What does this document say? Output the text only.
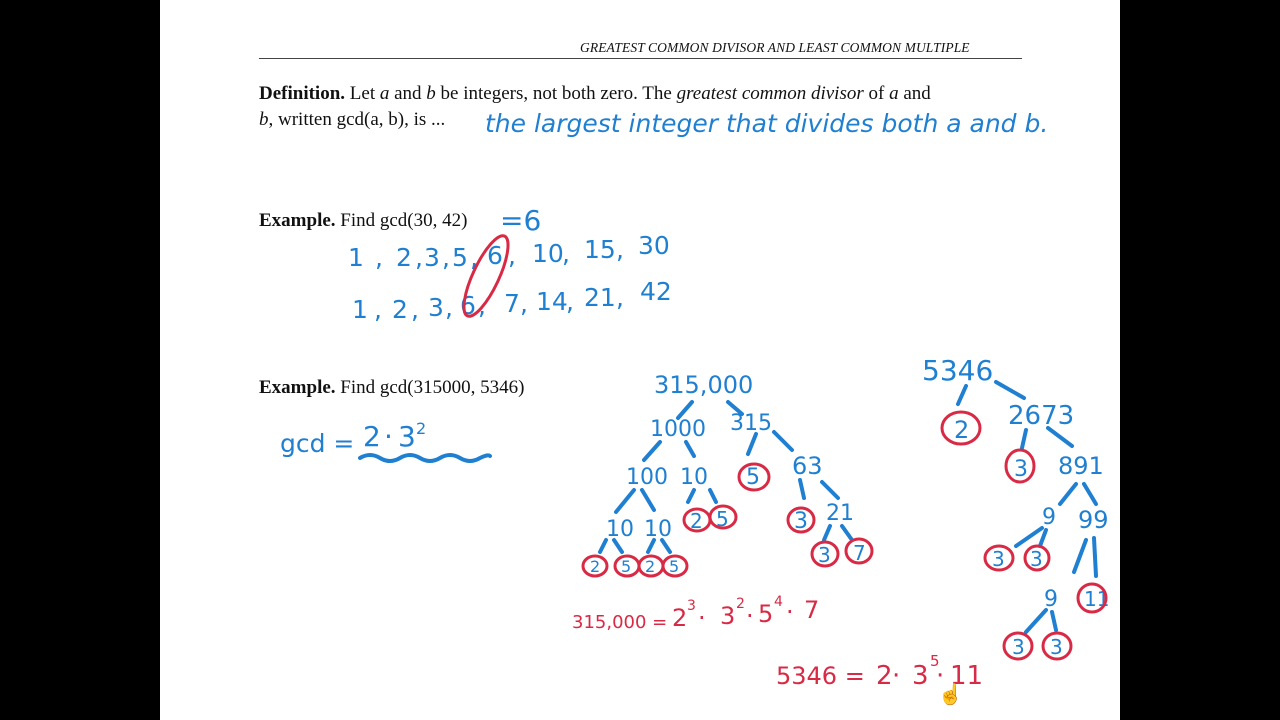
GREATEST COMMON DIVISOR AND LEAST COMMON MULTIPLE
Definition. Let a and b be integers, not both zero. The greatest common divisor of a and
b, written gcd(a, b), is ...
Example. Find gcd(30, 42)
Example. Find gcd(315000, 5346)
the largest integer that divides both a and b.
=6
1 , 2 , 3 , 5 , 6 , 10
, 15 , 30
1 , 2 , 3 , 6 , 7 , 14
, 21 , 42
gcd = 2 · 3 2
315,000
1000 315
100 10 5 63
10 10 2 5	3 21
2 5 2 5	3 7
315,000 = 2 3 · 3 2 · 5 4 · 7
5346
2 2673
3 891
9 99
3 3
9 11
3 3
5346 = 2 · 3 5
· 11
☝
